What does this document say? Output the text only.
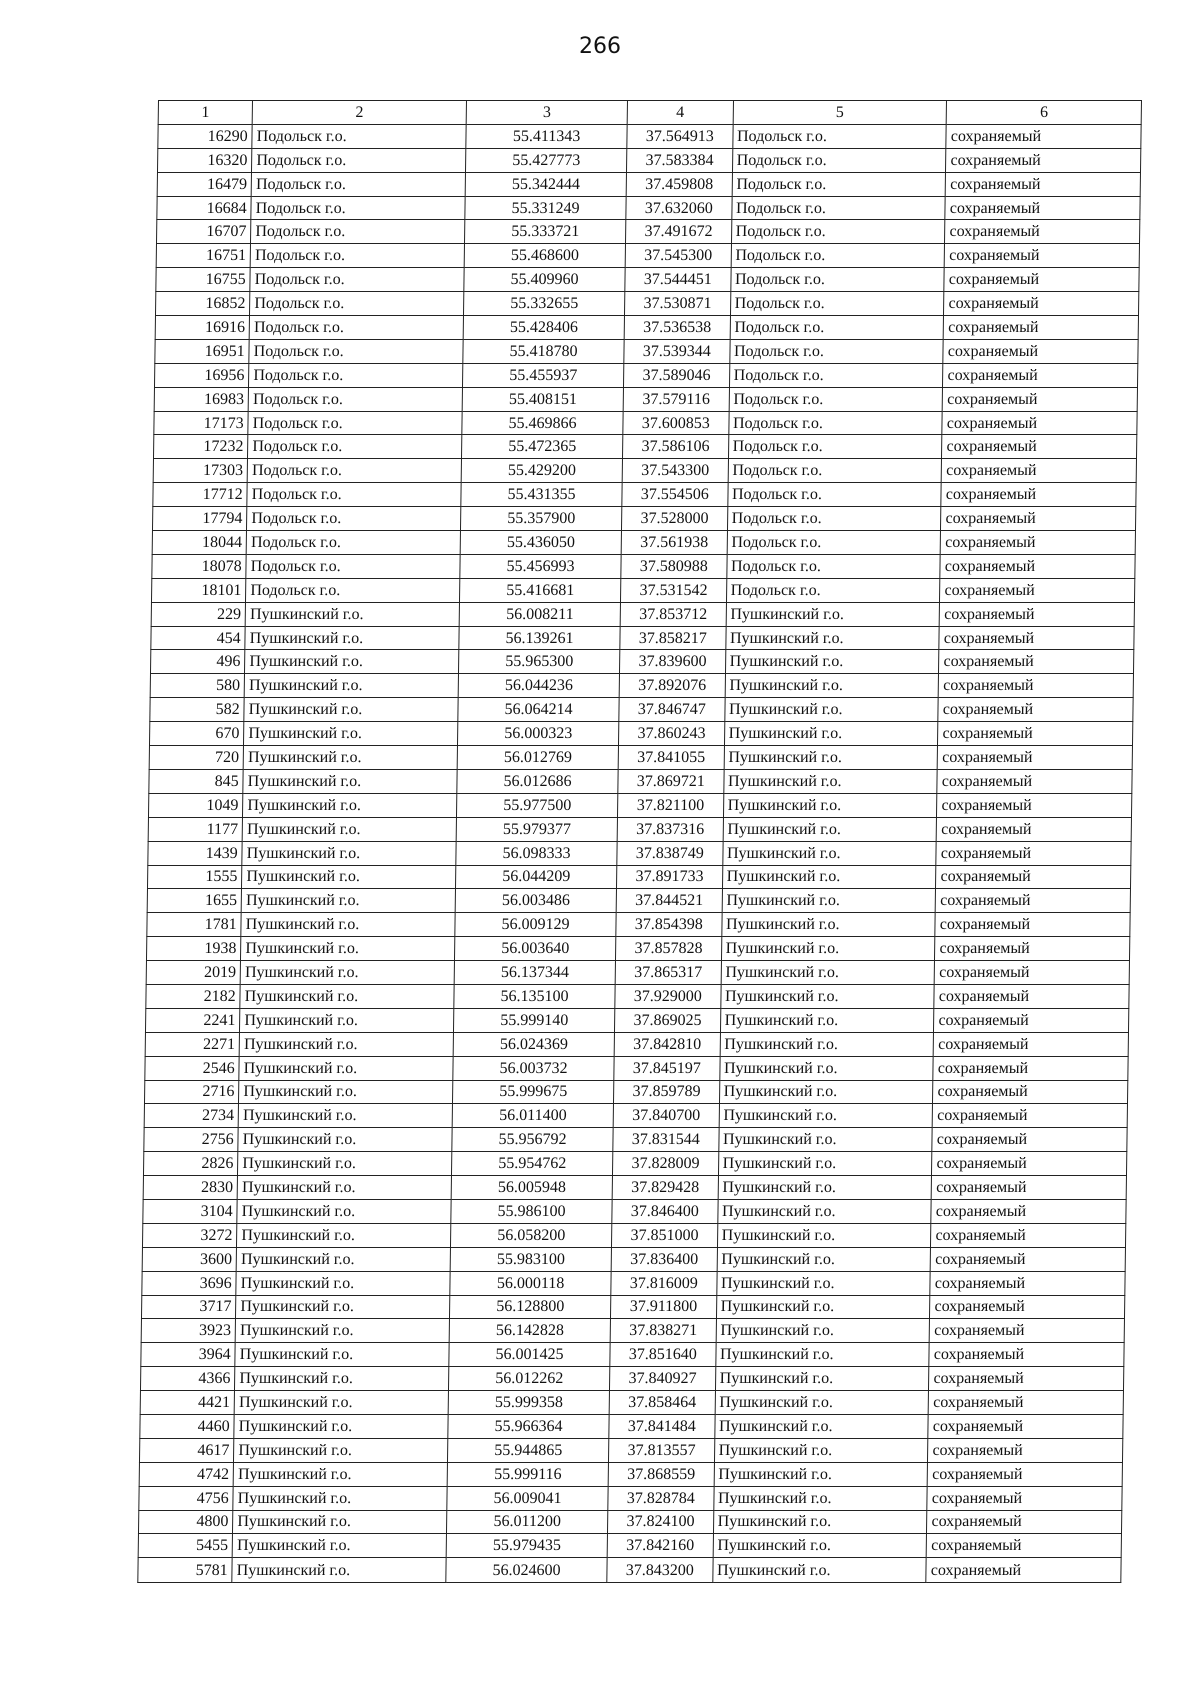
266
1	2	3	4	5	6
16290	Подольск г.о.	55.411343	37.564913	Подольск г.о.	сохраняемый
16320	Подольск г.о.	55.427773	37.583384	Подольск г.о.	сохраняемый
16479	Подольск г.о.	55.342444	37.459808	Подольск г.о.	сохраняемый
16684	Подольск г.о.	55.331249	37.632060	Подольск г.о.	сохраняемый
16707	Подольск г.о.	55.333721	37.491672	Подольск г.о.	сохраняемый
16751	Подольск г.о.	55.468600	37.545300	Подольск г.о.	сохраняемый
16755	Подольск г.о.	55.409960	37.544451	Подольск г.о.	сохраняемый
16852	Подольск г.о.	55.332655	37.530871	Подольск г.о.	сохраняемый
16916	Подольск г.о.	55.428406	37.536538	Подольск г.о.	сохраняемый
16951	Подольск г.о.	55.418780	37.539344	Подольск г.о.	сохраняемый
16956	Подольск г.о.	55.455937	37.589046	Подольск г.о.	сохраняемый
16983	Подольск г.о.	55.408151	37.579116	Подольск г.о.	сохраняемый
17173	Подольск г.о.	55.469866	37.600853	Подольск г.о.	сохраняемый
17232	Подольск г.о.	55.472365	37.586106	Подольск г.о.	сохраняемый
17303	Подольск г.о.	55.429200	37.543300	Подольск г.о.	сохраняемый
17712	Подольск г.о.	55.431355	37.554506	Подольск г.о.	сохраняемый
17794	Подольск г.о.	55.357900	37.528000	Подольск г.о.	сохраняемый
18044	Подольск г.о.	55.436050	37.561938	Подольск г.о.	сохраняемый
18078	Подольск г.о.	55.456993	37.580988	Подольск г.о.	сохраняемый
18101	Подольск г.о.	55.416681	37.531542	Подольск г.о.	сохраняемый
229	Пушкинский г.о.	56.008211	37.853712	Пушкинский г.о.	сохраняемый
454	Пушкинский г.о.	56.139261	37.858217	Пушкинский г.о.	сохраняемый
496	Пушкинский г.о.	55.965300	37.839600	Пушкинский г.о.	сохраняемый
580	Пушкинский г.о.	56.044236	37.892076	Пушкинский г.о.	сохраняемый
582	Пушкинский г.о.	56.064214	37.846747	Пушкинский г.о.	сохраняемый
670	Пушкинский г.о.	56.000323	37.860243	Пушкинский г.о.	сохраняемый
720	Пушкинский г.о.	56.012769	37.841055	Пушкинский г.о.	сохраняемый
845	Пушкинский г.о.	56.012686	37.869721	Пушкинский г.о.	сохраняемый
1049	Пушкинский г.о.	55.977500	37.821100	Пушкинский г.о.	сохраняемый
1177	Пушкинский г.о.	55.979377	37.837316	Пушкинский г.о.	сохраняемый
1439	Пушкинский г.о.	56.098333	37.838749	Пушкинский г.о.	сохраняемый
1555	Пушкинский г.о.	56.044209	37.891733	Пушкинский г.о.	сохраняемый
1655	Пушкинский г.о.	56.003486	37.844521	Пушкинский г.о.	сохраняемый
1781	Пушкинский г.о.	56.009129	37.854398	Пушкинский г.о.	сохраняемый
1938	Пушкинский г.о.	56.003640	37.857828	Пушкинский г.о.	сохраняемый
2019	Пушкинский г.о.	56.137344	37.865317	Пушкинский г.о.	сохраняемый
2182	Пушкинский г.о.	56.135100	37.929000	Пушкинский г.о.	сохраняемый
2241	Пушкинский г.о.	55.999140	37.869025	Пушкинский г.о.	сохраняемый
2271	Пушкинский г.о.	56.024369	37.842810	Пушкинский г.о.	сохраняемый
2546	Пушкинский г.о.	56.003732	37.845197	Пушкинский г.о.	сохраняемый
2716	Пушкинский г.о.	55.999675	37.859789	Пушкинский г.о.	сохраняемый
2734	Пушкинский г.о.	56.011400	37.840700	Пушкинский г.о.	сохраняемый
2756	Пушкинский г.о.	55.956792	37.831544	Пушкинский г.о.	сохраняемый
2826	Пушкинский г.о.	55.954762	37.828009	Пушкинский г.о.	сохраняемый
2830	Пушкинский г.о.	56.005948	37.829428	Пушкинский г.о.	сохраняемый
3104	Пушкинский г.о.	55.986100	37.846400	Пушкинский г.о.	сохраняемый
3272	Пушкинский г.о.	56.058200	37.851000	Пушкинский г.о.	сохраняемый
3600	Пушкинский г.о.	55.983100	37.836400	Пушкинский г.о.	сохраняемый
3696	Пушкинский г.о.	56.000118	37.816009	Пушкинский г.о.	сохраняемый
3717	Пушкинский г.о.	56.128800	37.911800	Пушкинский г.о.	сохраняемый
3923	Пушкинский г.о.	56.142828	37.838271	Пушкинский г.о.	сохраняемый
3964	Пушкинский г.о.	56.001425	37.851640	Пушкинский г.о.	сохраняемый
4366	Пушкинский г.о.	56.012262	37.840927	Пушкинский г.о.	сохраняемый
4421	Пушкинский г.о.	55.999358	37.858464	Пушкинский г.о.	сохраняемый
4460	Пушкинский г.о.	55.966364	37.841484	Пушкинский г.о.	сохраняемый
4617	Пушкинский г.о.	55.944865	37.813557	Пушкинский г.о.	сохраняемый
4742	Пушкинский г.о.	55.999116	37.868559	Пушкинский г.о.	сохраняемый
4756	Пушкинский г.о.	56.009041	37.828784	Пушкинский г.о.	сохраняемый
4800	Пушкинский г.о.	56.011200	37.824100	Пушкинский г.о.	сохраняемый
5455	Пушкинский г.о.	55.979435	37.842160	Пушкинский г.о.	сохраняемый
5781	Пушкинский г.о.	56.024600	37.843200	Пушкинский г.о.	сохраняемый
